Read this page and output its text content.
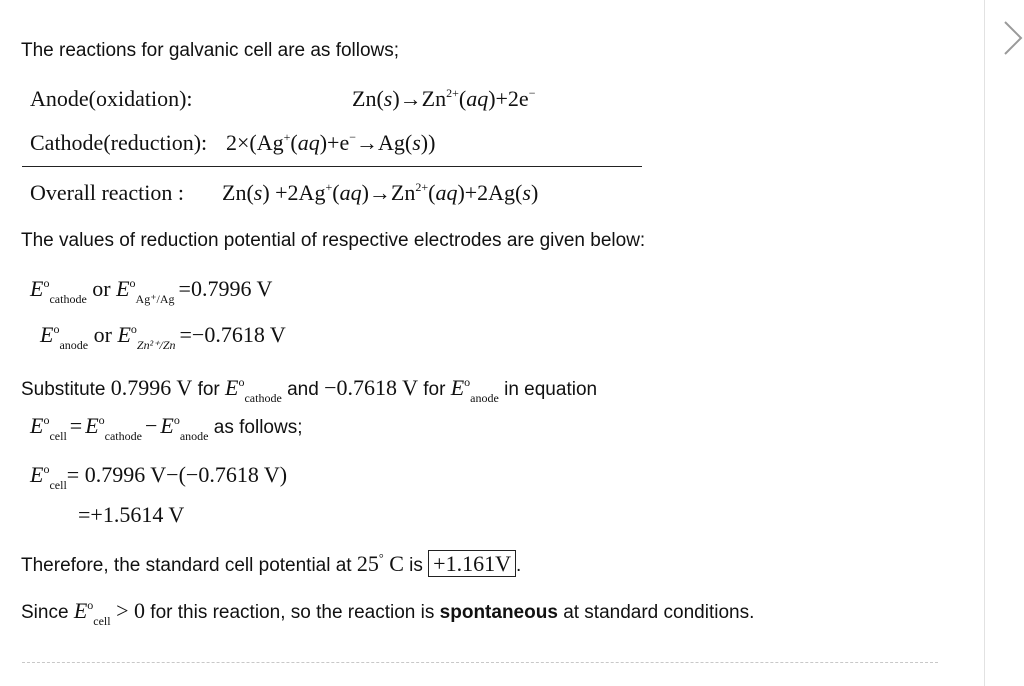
The reactions for galvanic cell are as follows;
Anode(oxidation):	$Zn(s)\to Zn^{2+}(aq)+2e^-$
Cathode(reduction): 2×(Ag+(aq)+e−→Ag(s))
Overall reaction : $Zn(s) +2Ag^+(aq)\to Zn^{2+}(aq)+2Ag(s)$
The values of reduction potential of respective electrodes are given below:
$E^o_{cathode}$ or $E^o_{Ag^+/Ag} =0.7996$ V
$E^o_{anode}$ or $E^o_{Zn^{2+}/Zn} =-0.7618$ V
Substitute 0.7996 V for $E^o_{cathode}$ and −0.7618 V for $E^o_{anode}$ in equation
$E^o_{cell} = E^o_{cathode} - E^o_{anode}$ as follows;
$E^o_{cell}= 0.7996$ V−(−0.7618 V)
=+1.5614 V
Therefore, the standard cell potential at 25° C is +1.161V .
Since $E^o_{cell} > 0$ for this reaction, so the reaction is spontaneous at standard conditions.
